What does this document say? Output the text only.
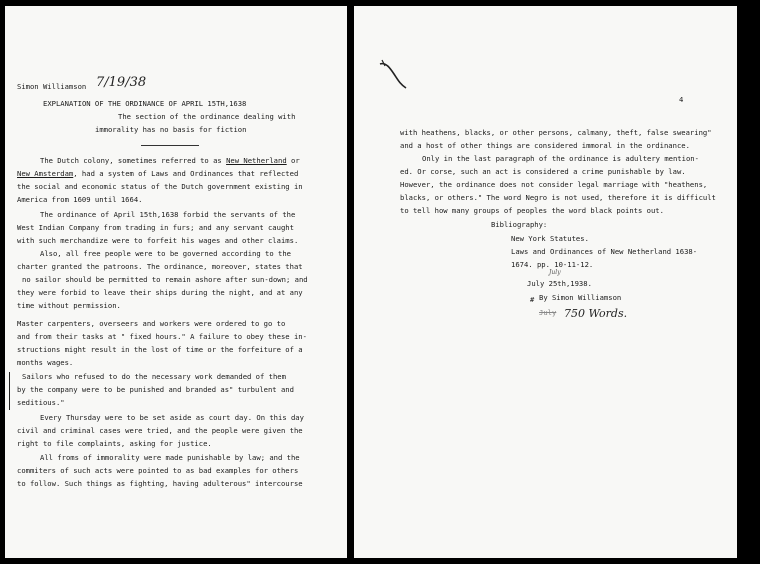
Simon Williamson 7/19/38
EXPLANATION OF THE ORDINANCE OF APRIL 15TH,1638
The section of the ordinance dealing with
immorality has no basis for fiction
The Dutch colony, sometimes referred to as New Netherland or
New Amsterdam, had a system of Laws and Ordinances that reflected
the social and economic status of the Dutch government existing in
America from 1609 until 1664.
The ordinance of April 15th,1638 forbid the servants of the
West Indian Company from trading in furs; and any servant caught
with such merchandize were to forfeit his wages and other claims.
Also, all free people were to be governed according to the
charter granted the patroons. The ordinance, moreover, states that
no sailor should be permitted to remain ashore after sun-down; and
they were forbid to leave their ships during the night, and at any
time without permission.
Master carpenters, overseers and workers were ordered to go to
and from their tasks at " fixed hours." A failure to obey these in-
structions might result in the lost of time or the forfeiture of a
months wages.
Sailors who refused to do the necessary work demanded of them
by the company were to be punished and branded as" turbulent and
seditious."
Every Thursday were to be set aside as court day. On this day
civil and criminal cases were tried, and the people were given the
right to file complaints, asking for justice.
All froms of immorality were made punishable by law; and the
commiters of such acts were pointed to as bad examples for others
to follow. Such things as fighting, having adulterous" intercourse
4
with heathens, blacks, or other persons, calmany, theft, false swearing"
and a host of other things are considered immoral in the ordinance.
Only in the last paragraph of the ordinance is adultery mention-
ed. Or corse, such an act is considered a crime punishable by law.
However, the ordinance does not consider legal marriage with "heathens,
blacks, or others." The word Negro is not used, therefore it is difficult
to tell how many groups of peoples the word black points out.
Bibliography:
New York Statutes.
Laws and Ordinances of New Netherland 1638-
1674. pp. 10-11-12.
July
July 25th,1938.
By Simon Williamson
#
July 750 Words.
